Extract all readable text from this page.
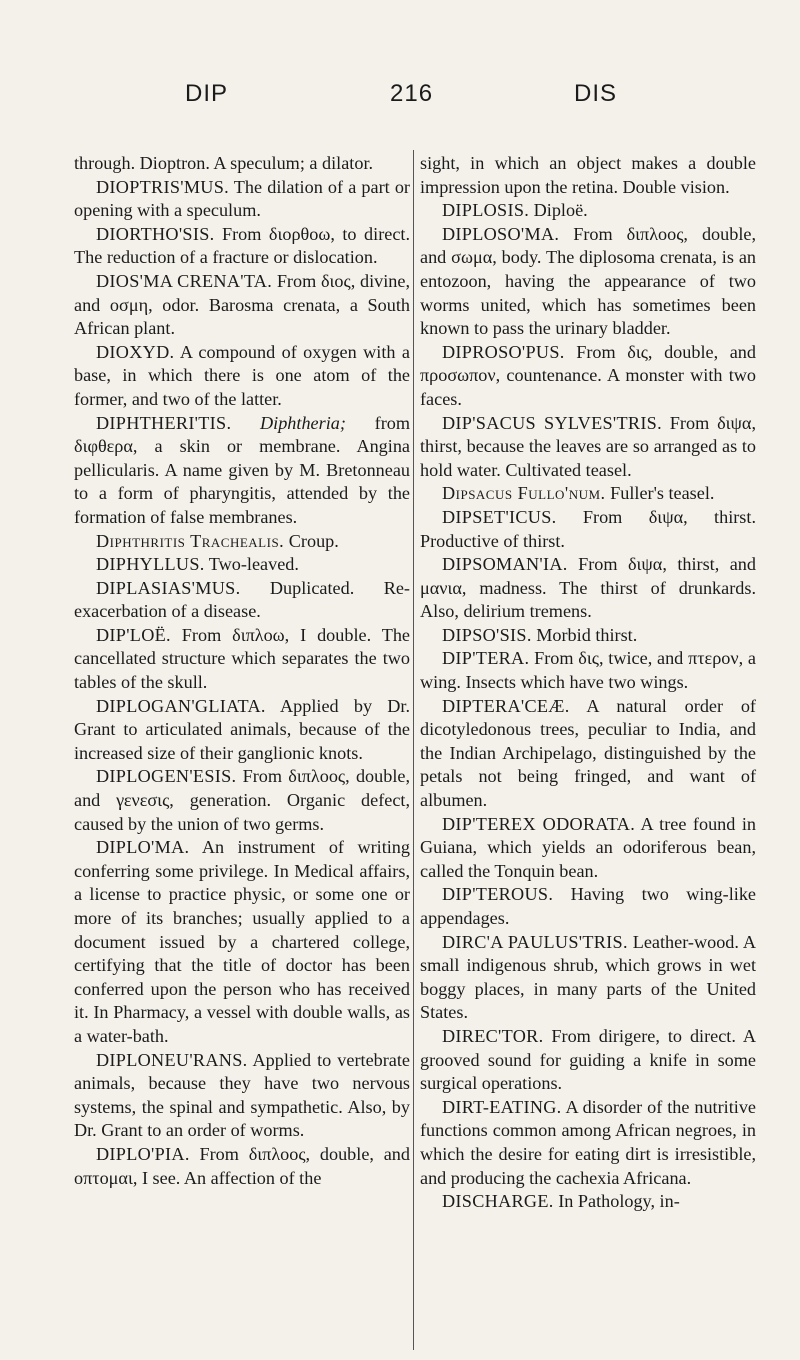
DIP	216	DIS

through. Dioptron. A speculum; a dilator.

DIOPTRIS'MUS. The dilation of a part or opening with a speculum.

DIORTHO'SIS. From διορθοω, to direct. The reduction of a fracture or dislocation.

DIOS'MA CRENA'TA. From διος, divine, and οσμη, odor. Barosma crenata, a South African plant.

DIOXYD. A compound of oxygen with a base, in which there is one atom of the former, and two of the latter.

DIPHTHERI'TIS. Diphtheria; from διφθερα, a skin or membrane. Angina pellicularis. A name given by M. Bretonneau to a form of pharyngitis, attended by the formation of false membranes.

Diphthritis Trachealis. Croup.

DIPHYLLUS. Two-leaved.

DIPLASIAS'MUS. Duplicated. Re-exacerbation of a disease.

DIP'LOË. From διπλοω, I double. The cancellated structure which separates the two tables of the skull.

DIPLOGAN'GLIATA. Applied by Dr. Grant to articulated animals, because of the increased size of their ganglionic knots.

DIPLOGEN'ESIS. From διπλοος, double, and γενεσις, generation. Organic defect, caused by the union of two germs.

DIPLO'MA. An instrument of writing conferring some privilege. In Medical affairs, a license to practice physic, or some one or more of its branches; usually applied to a document issued by a chartered college, certifying that the title of doctor has been conferred upon the person who has received it. In Pharmacy, a vessel with double walls, as a water-bath.

DIPLONEU'RANS. Applied to vertebrate animals, because they have two nervous systems, the spinal and sympathetic. Also, by Dr. Grant to an order of worms.

DIPLO'PIA. From διπλοος, double, and οπτομαι, I see. An affection of the

sight, in which an object makes a double impression upon the retina. Double vision.

DIPLOSIS. Diploë.

DIPLOSO'MA. From διπλοος, double, and σωμα, body. The diplosoma crenata, is an entozoon, having the appearance of two worms united, which has sometimes been known to pass the urinary bladder.

DIPROSO'PUS. From δις, double, and προσωπον, countenance. A monster with two faces.

DIP'SACUS SYLVES'TRIS. From διψα, thirst, because the leaves are so arranged as to hold water. Cultivated teasel.

Dipsacus Fullo'num. Fuller's teasel.

DIPSET'ICUS. From διψα, thirst. Productive of thirst.

DIPSOMAN'IA. From διψα, thirst, and μανια, madness. The thirst of drunkards. Also, delirium tremens.

DIPSO'SIS. Morbid thirst.

DIP'TERA. From δις, twice, and πτερον, a wing. Insects which have two wings.

DIPTERA'CEÆ. A natural order of dicotyledonous trees, peculiar to India, and the Indian Archipelago, distinguished by the petals not being fringed, and want of albumen.

DIP'TEREX ODORATA. A tree found in Guiana, which yields an odoriferous bean, called the Tonquin bean.

DIP'TEROUS. Having two wing-like appendages.

DIRC'A PAULUS'TRIS. Leather-wood. A small indigenous shrub, which grows in wet boggy places, in many parts of the United States.

DIREC'TOR. From dirigere, to direct. A grooved sound for guiding a knife in some surgical operations.

DIRT-EATING. A disorder of the nutritive functions common among African negroes, in which the desire for eating dirt is irresistible, and producing the cachexia Africana.

DISCHARGE. In Pathology, in-
